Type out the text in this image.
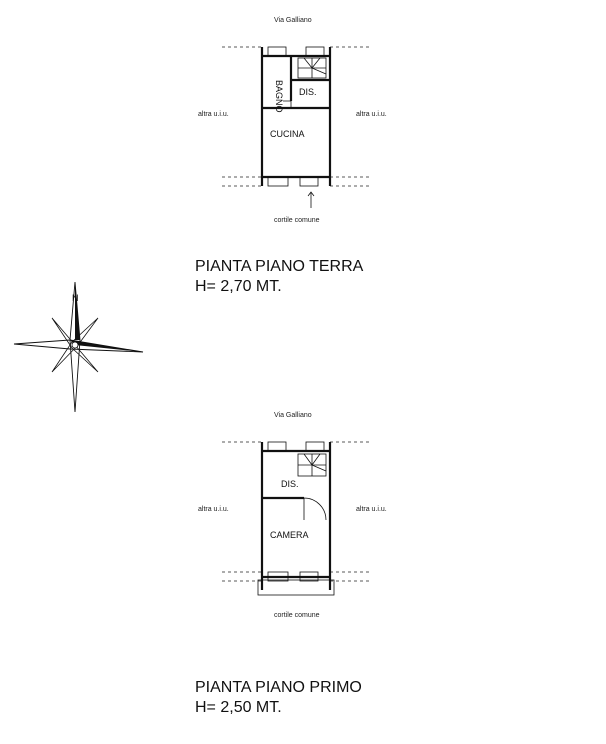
Via Galliano
BAGNO DIS.
CUCINA
altra u.i.u.	altra u.i.u.
cortile comune
PIANTA PIANO TERRA
H= 2,70 MT.
N
Via Galliano
DIS.
CAMERA
altra u.i.u.	altra u.i.u.
cortile comune
PIANTA PIANO PRIMO
H= 2,50 MT.
